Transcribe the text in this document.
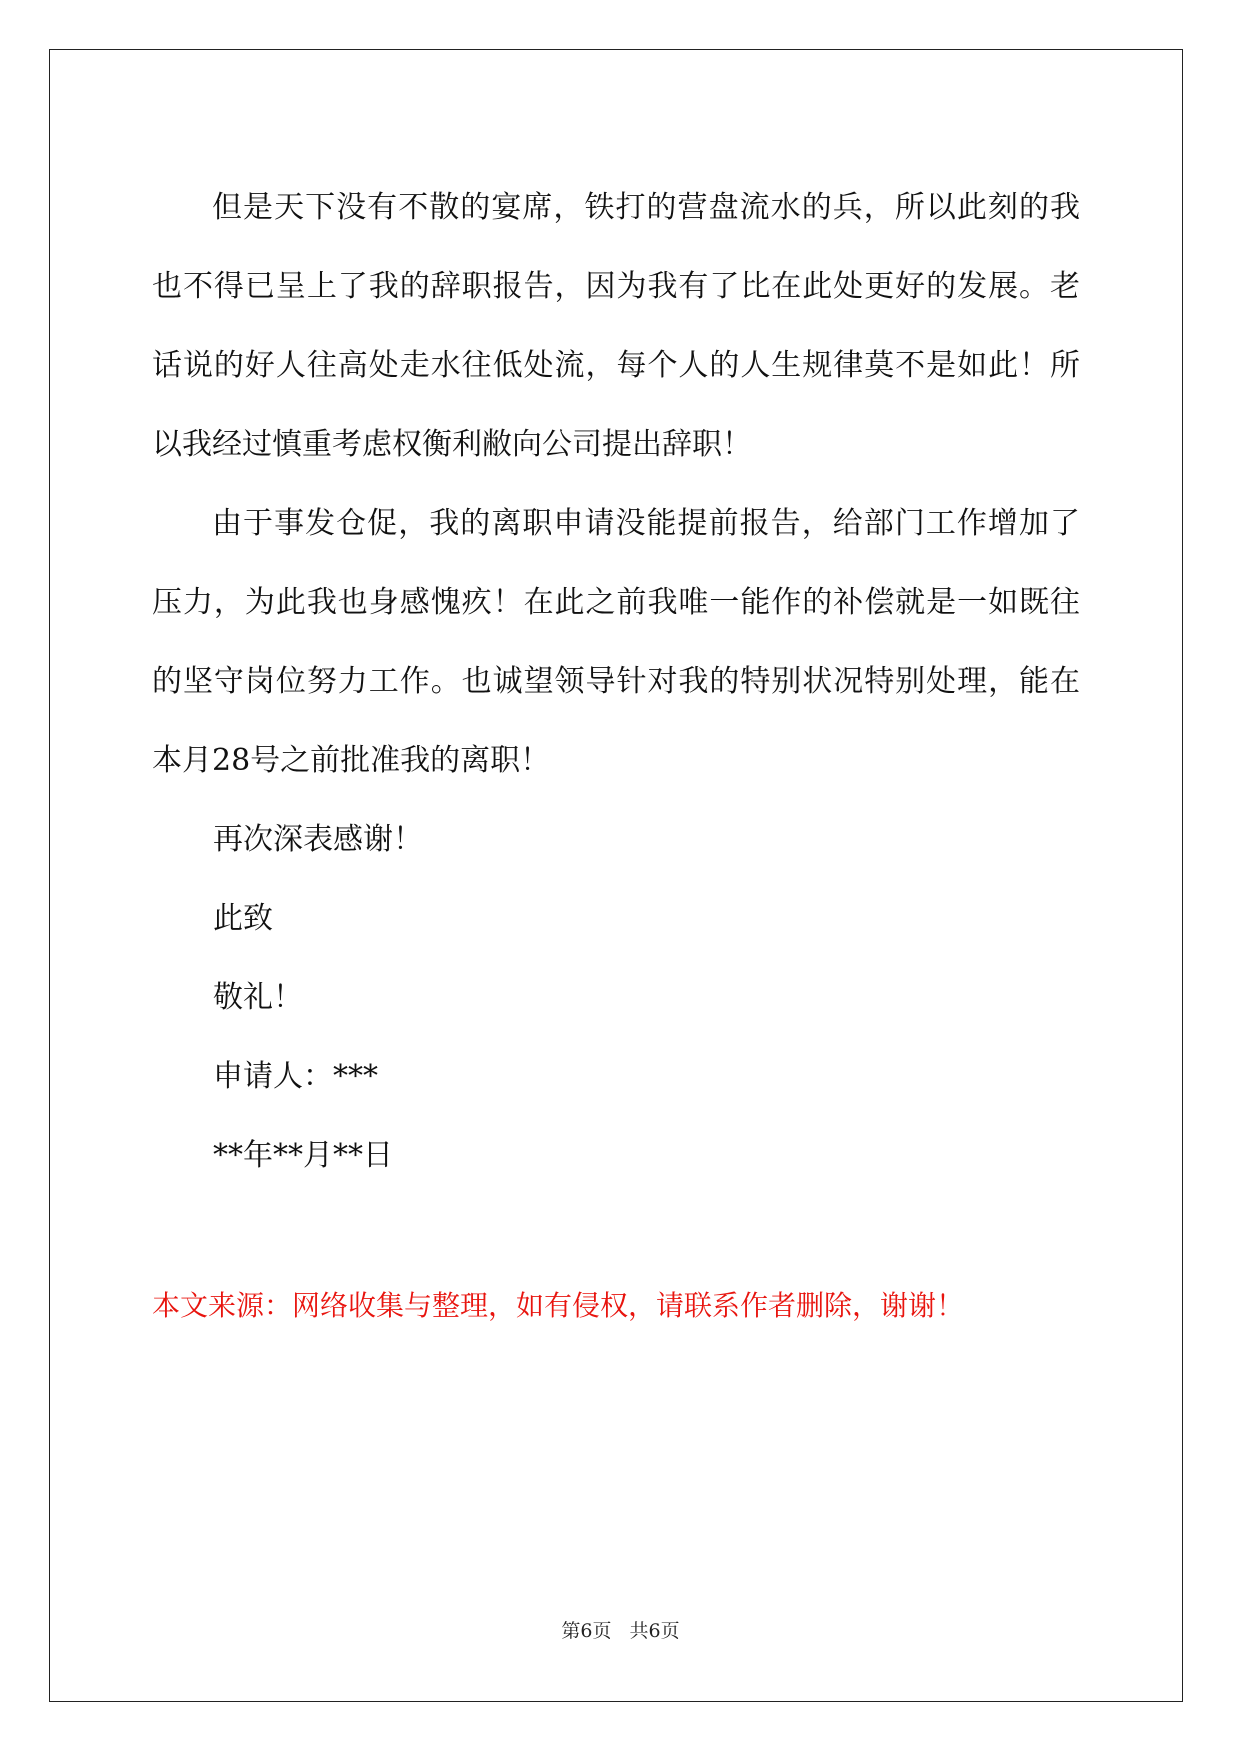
但是天下没有不散的宴席，铁打的营盘流水的兵，所以此刻的我也不得已呈上了我的辞职报告，因为我有了比在此处更好的发展。老话说的好人往高处走水往低处流，每个人的人生规律莫不是如此！所以我经过慎重考虑权衡利敝向公司提出辞职！

由于事发仓促，我的离职申请没能提前报告，给部门工作增加了压力，为此我也身感愧疚！在此之前我唯一能作的补偿就是一如既往的坚守岗位努力工作。也诚望领导针对我的特别状况特别处理，能在本月28号之前批准我的离职！

再次深表感谢！

此致

敬礼！

申请人：***

**年**月**日

本文来源：网络收集与整理，如有侵权，请联系作者删除，谢谢！

第6页 共6页
